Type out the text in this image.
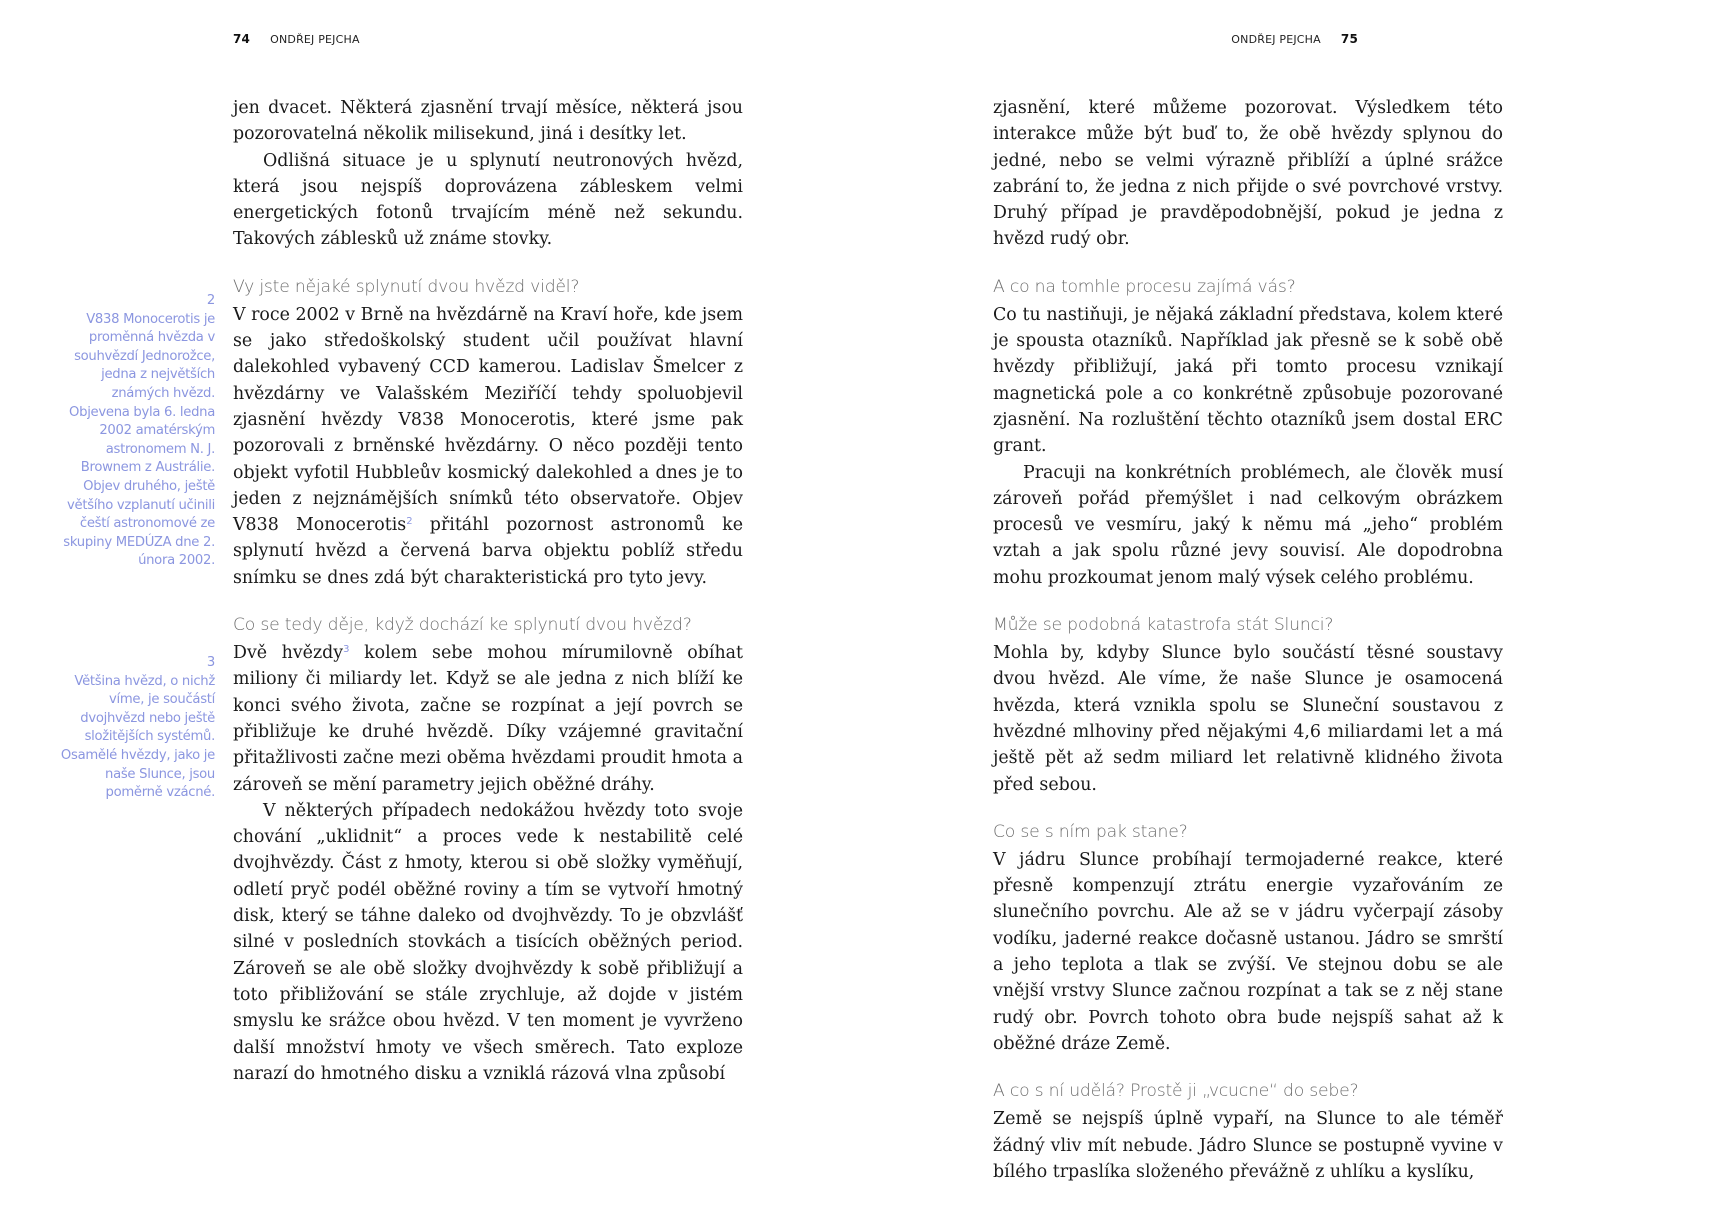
74 ONDŘEJ PEJCHA
2
V838 Monocerotis je proměnná hvězda v souhvězdí Jednorožce, jedna z největších známých hvězd. Objevena byla 6. ledna 2002 amatérským astronomem N. J. Brownem z Austrálie. Objev druhého, ještě většího vzplanutí učinili čeští astronomové ze skupiny MEDÚZA dne 2. února 2002.
3
Většina hvězd, o nichž víme, je součástí dvojhvězd nebo ještě složitějších systémů. Osamělé hvězdy, jako je naše Slunce, jsou poměrně vzácné.

jen dvacet. Některá zjasnění trvají měsíce, některá jsou pozorovatelná několik milisekund, jiná i desítky let.

Odlišná situace je u splynutí neutronových hvězd, která jsou nejspíš doprovázena zábleskem velmi energetických fotonů trvajícím méně než sekundu. Takových záblesků už známe stovky.

Vy jste nějaké splynutí dvou hvězd viděl?

V roce 2002 v Brně na hvězdárně na Kraví hoře, kde jsem se jako středoškolský student učil používat hlavní dalekohled vybavený CCD kamerou. Ladislav Šmelcer z hvězdárny ve Valašském Meziříčí tehdy spoluobjevil zjasnění hvězdy V838 Monocerotis, které jsme pak pozorovali z brněnské hvězdárny. O něco později tento objekt vyfotil Hubbleův kosmický dalekohled a dnes je to jeden z nejznámějších snímků této observatoře. Objev V838 Monocerotis$^2$ přitáhl pozornost astronomů ke splynutí hvězd a červená barva objektu poblíž středu snímku se dnes zdá být charakteristická pro tyto jevy.

Co se tedy děje, když dochází ke splynutí dvou hvězd?

Dvě hvězdy$^3$ kolem sebe mohou mírumilovně obíhat miliony či miliardy let. Když se ale jedna z nich blíží ke konci svého života, začne se rozpínat a její povrch se přibližuje ke druhé hvězdě. Díky vzájemné gravitační přitažlivosti začne mezi oběma hvězdami proudit hmota a zároveň se mění parametry jejich oběžné dráhy.

V některých případech nedokážou hvězdy toto svoje chování „uklidnit“ a proces vede k nestabilitě celé dvojhvězdy. Část z hmoty, kterou si obě složky vyměňují, odletí pryč podél oběžné roviny a tím se vytvoří hmotný disk, který se táhne daleko od dvojhvězdy. To je obzvlášť silné v posledních stovkách a tisících oběžných period. Zároveň se ale obě složky dvojhvězdy k sobě přibližují a toto přibližování se stále zrychluje, až dojde v jistém smyslu ke srážce obou hvězd. V ten moment je vyvrženo další množství hmoty ve všech směrech. Tato exploze narazí do hmotného disku a vzniklá rázová vlna způsobí

ONDŘEJ PEJCHA 75

zjasnění, které můžeme pozorovat. Výsledkem této interakce může být buď to, že obě hvězdy splynou do jedné, nebo se velmi výrazně přiblíží a úplné srážce zabrání to, že jedna z nich přijde o své povrchové vrstvy. Druhý případ je pravděpodobnější, pokud je jedna z hvězd rudý obr.

A co na tomhle procesu zajímá vás?

Co tu nastiňuji, je nějaká základní představa, kolem které je spousta otazníků. Například jak přesně se k sobě obě hvězdy přibližují, jaká při tomto procesu vznikají magnetická pole a co konkrétně způsobuje pozorované zjasnění. Na rozluštění těchto otazníků jsem dostal ERC grant.

Pracuji na konkrétních problémech, ale člověk musí zároveň pořád přemýšlet i nad celkovým obrázkem procesů ve vesmíru, jaký k němu má „jeho“ problém vztah a jak spolu různé jevy souvisí. Ale dopodrobna mohu prozkoumat jenom malý výsek celého problému.

Může se podobná katastrofa stát Slunci?

Mohla by, kdyby Slunce bylo součástí těsné soustavy dvou hvězd. Ale víme, že naše Slunce je osamocená hvězda, která vznikla spolu se Sluneční soustavou z hvězdné mlhoviny před nějakými 4,6 miliardami let a má ještě pět až sedm miliard let relativně klidného života před sebou.

Co se s ním pak stane?

V jádru Slunce probíhají termojaderné reakce, které přesně kompenzují ztrátu energie vyzařováním ze slunečního povrchu. Ale až se v jádru vyčerpají zásoby vodíku, jaderné reakce dočasně ustanou. Jádro se smrští a jeho teplota a tlak se zvýší. Ve stejnou dobu se ale vnější vrstvy Slunce začnou rozpínat a tak se z něj stane rudý obr. Povrch tohoto obra bude nejspíš sahat až k oběžné dráze Země.

A co s ní udělá? Prostě ji „vcucne“ do sebe?

Země se nejspíš úplně vypaří, na Slunce to ale téměř žádný vliv mít nebude. Jádro Slunce se postupně vyvine v bílého trpaslíka složeného převážně z uhlíku a kyslíku,
